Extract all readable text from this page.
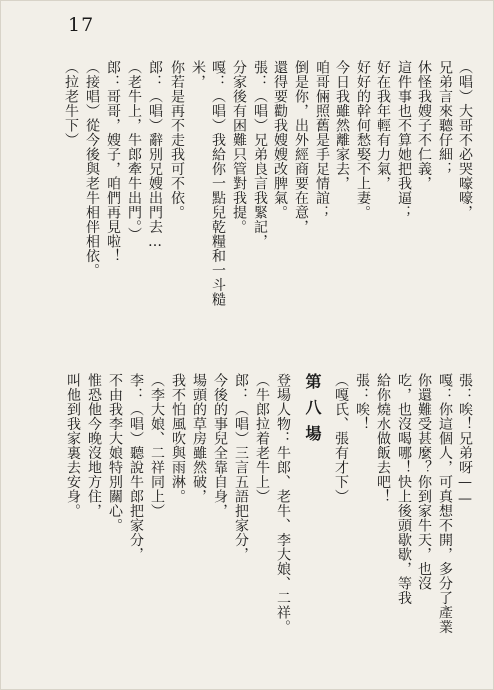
17
（唱）大哥不必哭嚎嚎，
兄弟言來聽仔細；
休怪我嫂子不仁義，
這件事也不算她把我逼；
好在我年輕有力氣，
好好的幹何愁娶不上妻。
今日我雖然離家去，
咱哥倆照舊是手足情誼；
倒是你，出外經商要在意，
還得要勸我嫂嫂改脾氣。
張：（唱）兄弟良言我緊記，
分家後有困難只管對我提。
嘎：（唱）我給你一點兒乾糧和一斗糙
米，
你若是再不走我可不依。
郎：（唱）辭別兄嫂出門去…
（老牛上，牛郎牽牛出門。）
郎：哥哥，嫂子，咱們再見啦！
（接唱）從今後與老牛相伴相依。
（拉老牛下）
張：唉！兄弟呀——
嘎：你這個人，可真想不開，多分了產業
你還難受甚麼？你到家牛天，也沒
吃，也沒喝哪！快上後頭歇歇，等我
給你燒水做飯去吧！
張：唉！
（嘎氏、張有才下）
第八場
登場人物：牛郎、老牛、李大娘、二祥。
（牛郎拉着老牛上）
郎：（唱）三言五語把家分，
今後的事兒全靠自身，
場頭的草房雖然破，
我不怕風吹與雨淋。
（李大娘、二祥同上）
李：（唱）聽說牛郎把家分，
不由我李大娘特別關心。
惟恐他今晚沒地方住，
叫他到我家裏去安身。
